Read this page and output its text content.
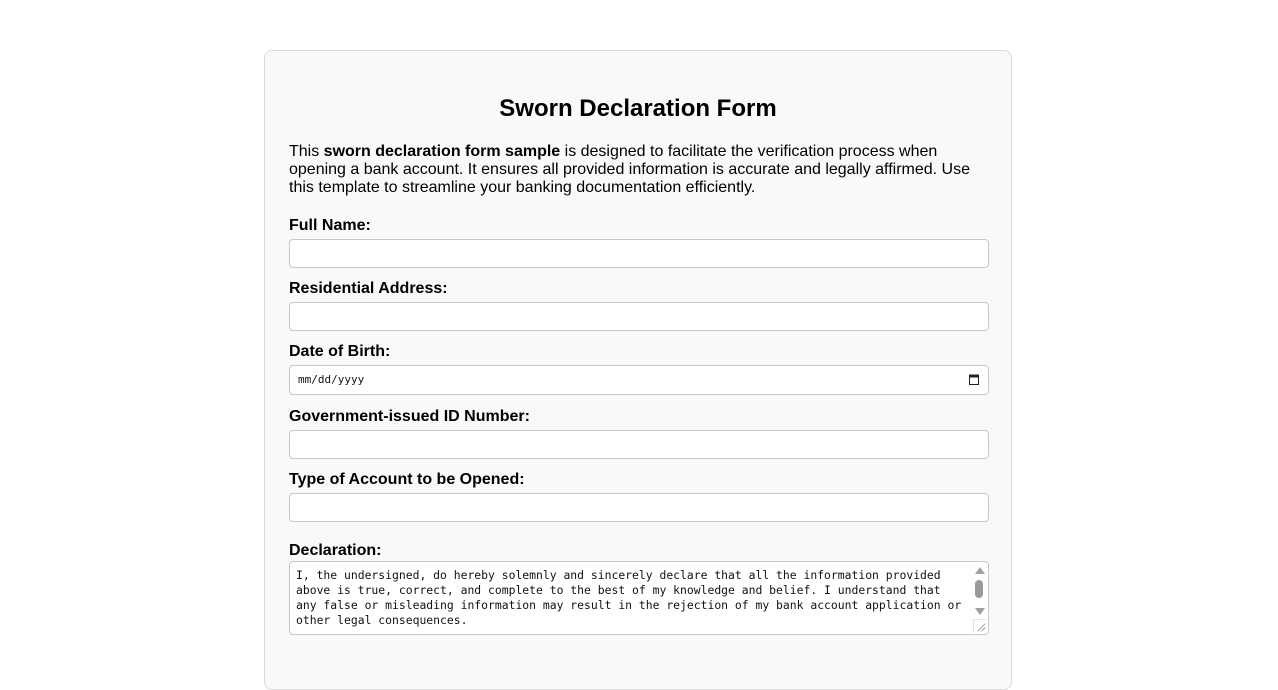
Sworn Declaration Form

This sworn declaration form sample is designed to facilitate the verification process when opening a bank account. It ensures all provided information is accurate and legally affirmed. Use this template to streamline your banking documentation efficiently.

Full Name:
Residential Address:
Date of Birth:
mm/dd/yyyy
Government-issued ID Number:
Type of Account to be Opened:
Declaration:
I, the undersigned, do hereby solemnly and sincerely declare that all the information provided above is true, correct, and complete to the best of my knowledge and belief. I understand that any false or misleading information may result in the rejection of my bank account application or other legal consequences.
